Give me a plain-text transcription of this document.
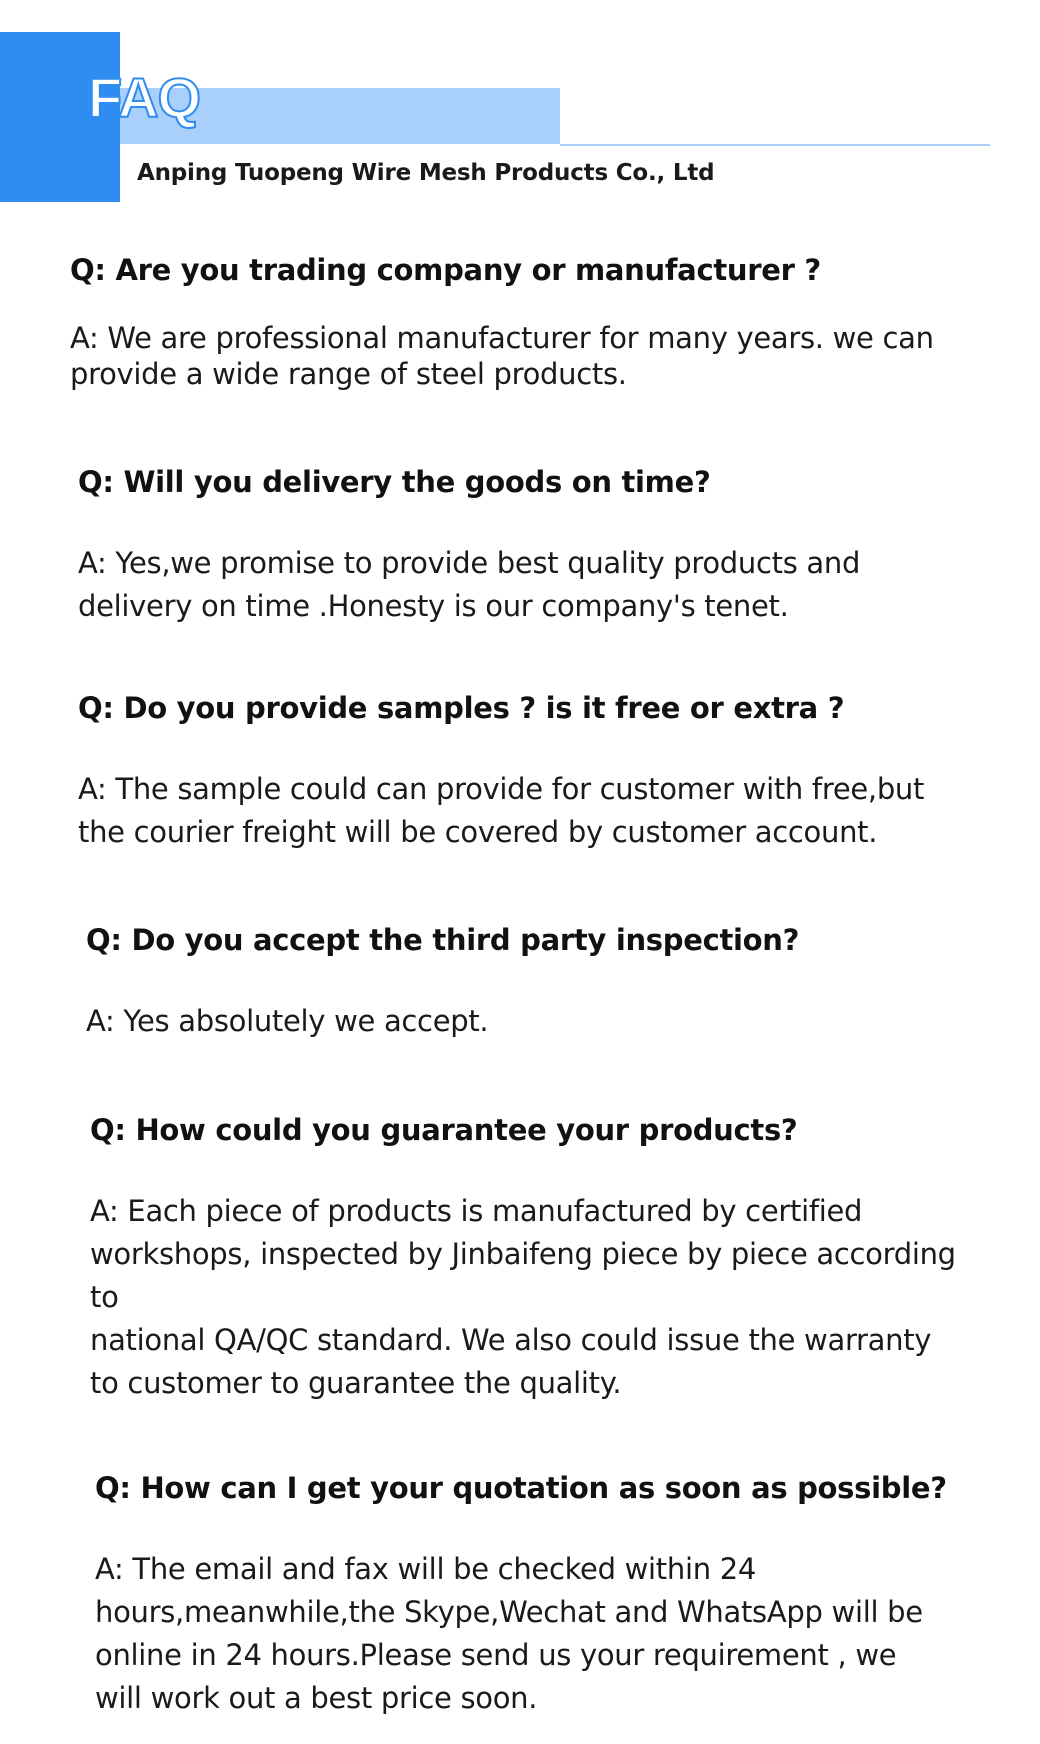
FAQ
Anping Tuopeng Wire Mesh Products Co., Ltd
Q: Are you trading company or manufacturer ?
A: We are professional manufacturer for many years. we can
provide a wide range of steel products.
Q: Will you delivery the goods on time?
A: Yes,we promise to provide best quality products and
delivery on time .Honesty is our company's tenet.
Q: Do you provide samples ? is it free or extra ?
A: The sample could can provide for customer with free,but
the courier freight will be covered by customer account.
Q: Do you accept the third party inspection?
A: Yes absolutely we accept.
Q: How could you guarantee your products?
A: Each piece of products is manufactured by certified
workshops, inspected by Jinbaifeng piece by piece according
to
national QA/QC standard. We also could issue the warranty
to customer to guarantee the quality.
Q: How can I get your quotation as soon as possible?
A: The email and fax will be checked within 24
hours,meanwhile,the Skype,Wechat and WhatsApp will be
online in 24 hours.Please send us your requirement , we
will work out a best price soon.
